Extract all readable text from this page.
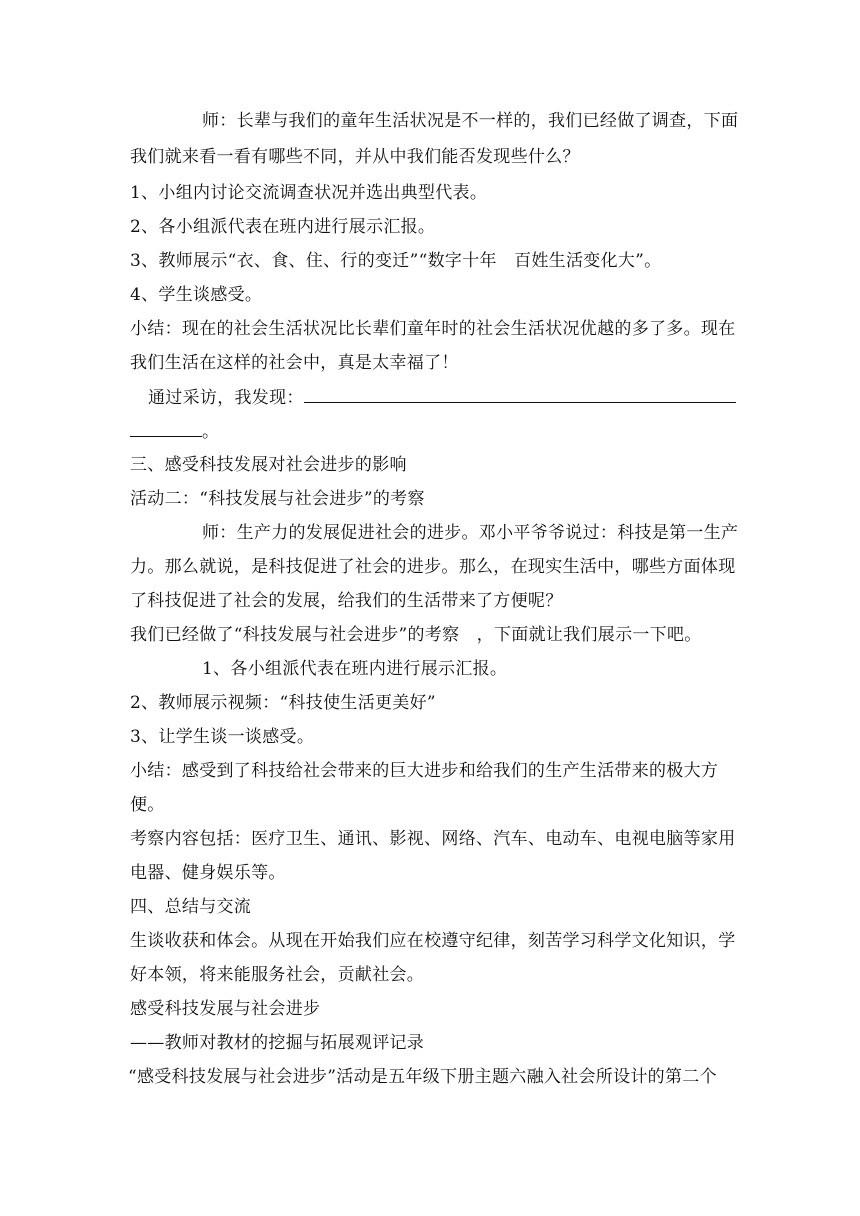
师：长辈与我们的童年生活状况是不一样的，我们已经做了调查，下面
我们就来看一看有哪些不同，并从中我们能否发现些什么？
1、小组内讨论交流调查状况并选出典型代表。
2、各小组派代表在班内进行展示汇报。
3、教师展示“衣、食、住、行的变迁”“数字十年　百姓生活变化大”。
4、学生谈感受。
小结：现在的社会生活状况比长辈们童年时的社会生活状况优越的多了多。现在
我们生活在这样的社会中，真是太幸福了！
通过采访，我发现：
。
三、感受科技发展对社会进步的影响
活动二：“科技发展与社会进步”的考察
师：生产力的发展促进社会的进步。邓小平爷爷说过：科技是第一生产
力。那么就说，是科技促进了社会的进步。那么，在现实生活中，哪些方面体现
了科技促进了社会的发展，给我们的生活带来了方便呢？
我们已经做了“科技发展与社会进步”的考察　，下面就让我们展示一下吧。
1、各小组派代表在班内进行展示汇报。
2、教师展示视频：“科技使生活更美好”
3、让学生谈一谈感受。
小结：感受到了科技给社会带来的巨大进步和给我们的生产生活带来的极大方
便。
考察内容包括：医疗卫生、通讯、影视、网络、汽车、电动车、电视电脑等家用
电器、健身娱乐等。
四、总结与交流
生谈收获和体会。从现在开始我们应在校遵守纪律，刻苦学习科学文化知识，学
好本领，将来能服务社会，贡献社会。
感受科技发展与社会进步
——教师对教材的挖掘与拓展观评记录
“感受科技发展与社会进步”活动是五年级下册主题六融入社会所设计的第二个
